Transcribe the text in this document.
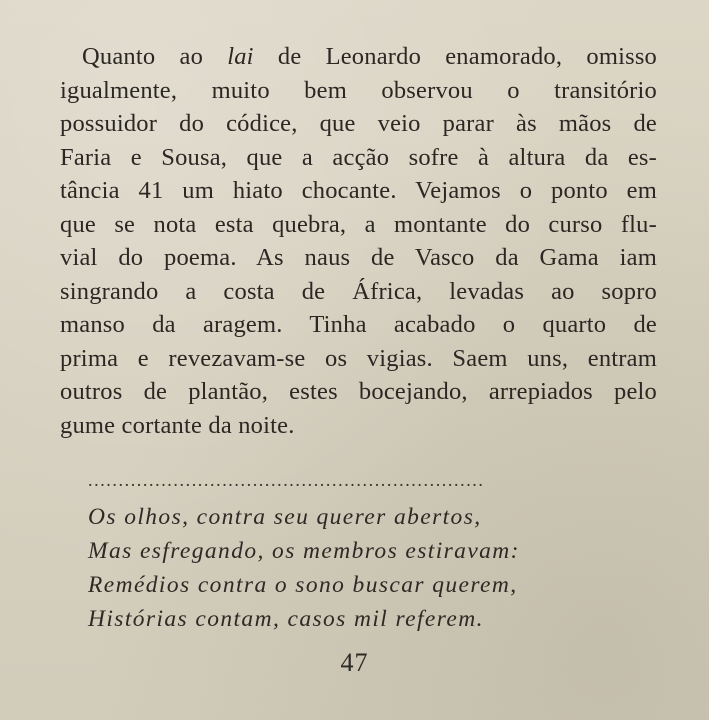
Quanto ao lai de Leonardo enamorado, omisso
igualmente, muito bem observou o transitório
possuidor do códice, que veio parar às mãos de
Faria e Sousa, que a acção sofre à altura da es-
tância 41 um hiato chocante. Vejamos o ponto em
que se nota esta quebra, a montante do curso flu-
vial do poema. As naus de Vasco da Gama iam
singrando a costa de África, levadas ao sopro
manso da aragem. Tinha acabado o quarto de
prima e revezavam-se os vigias. Saem uns, entram
outros de plantão, estes bocejando, arrepiados pelo
gume cortante da noite.
.................................................................
Os olhos, contra seu querer abertos,
Mas esfregando, os membros estiravam:
Remédios contra o sono buscar querem,
Histórias contam, casos mil referem.
47
